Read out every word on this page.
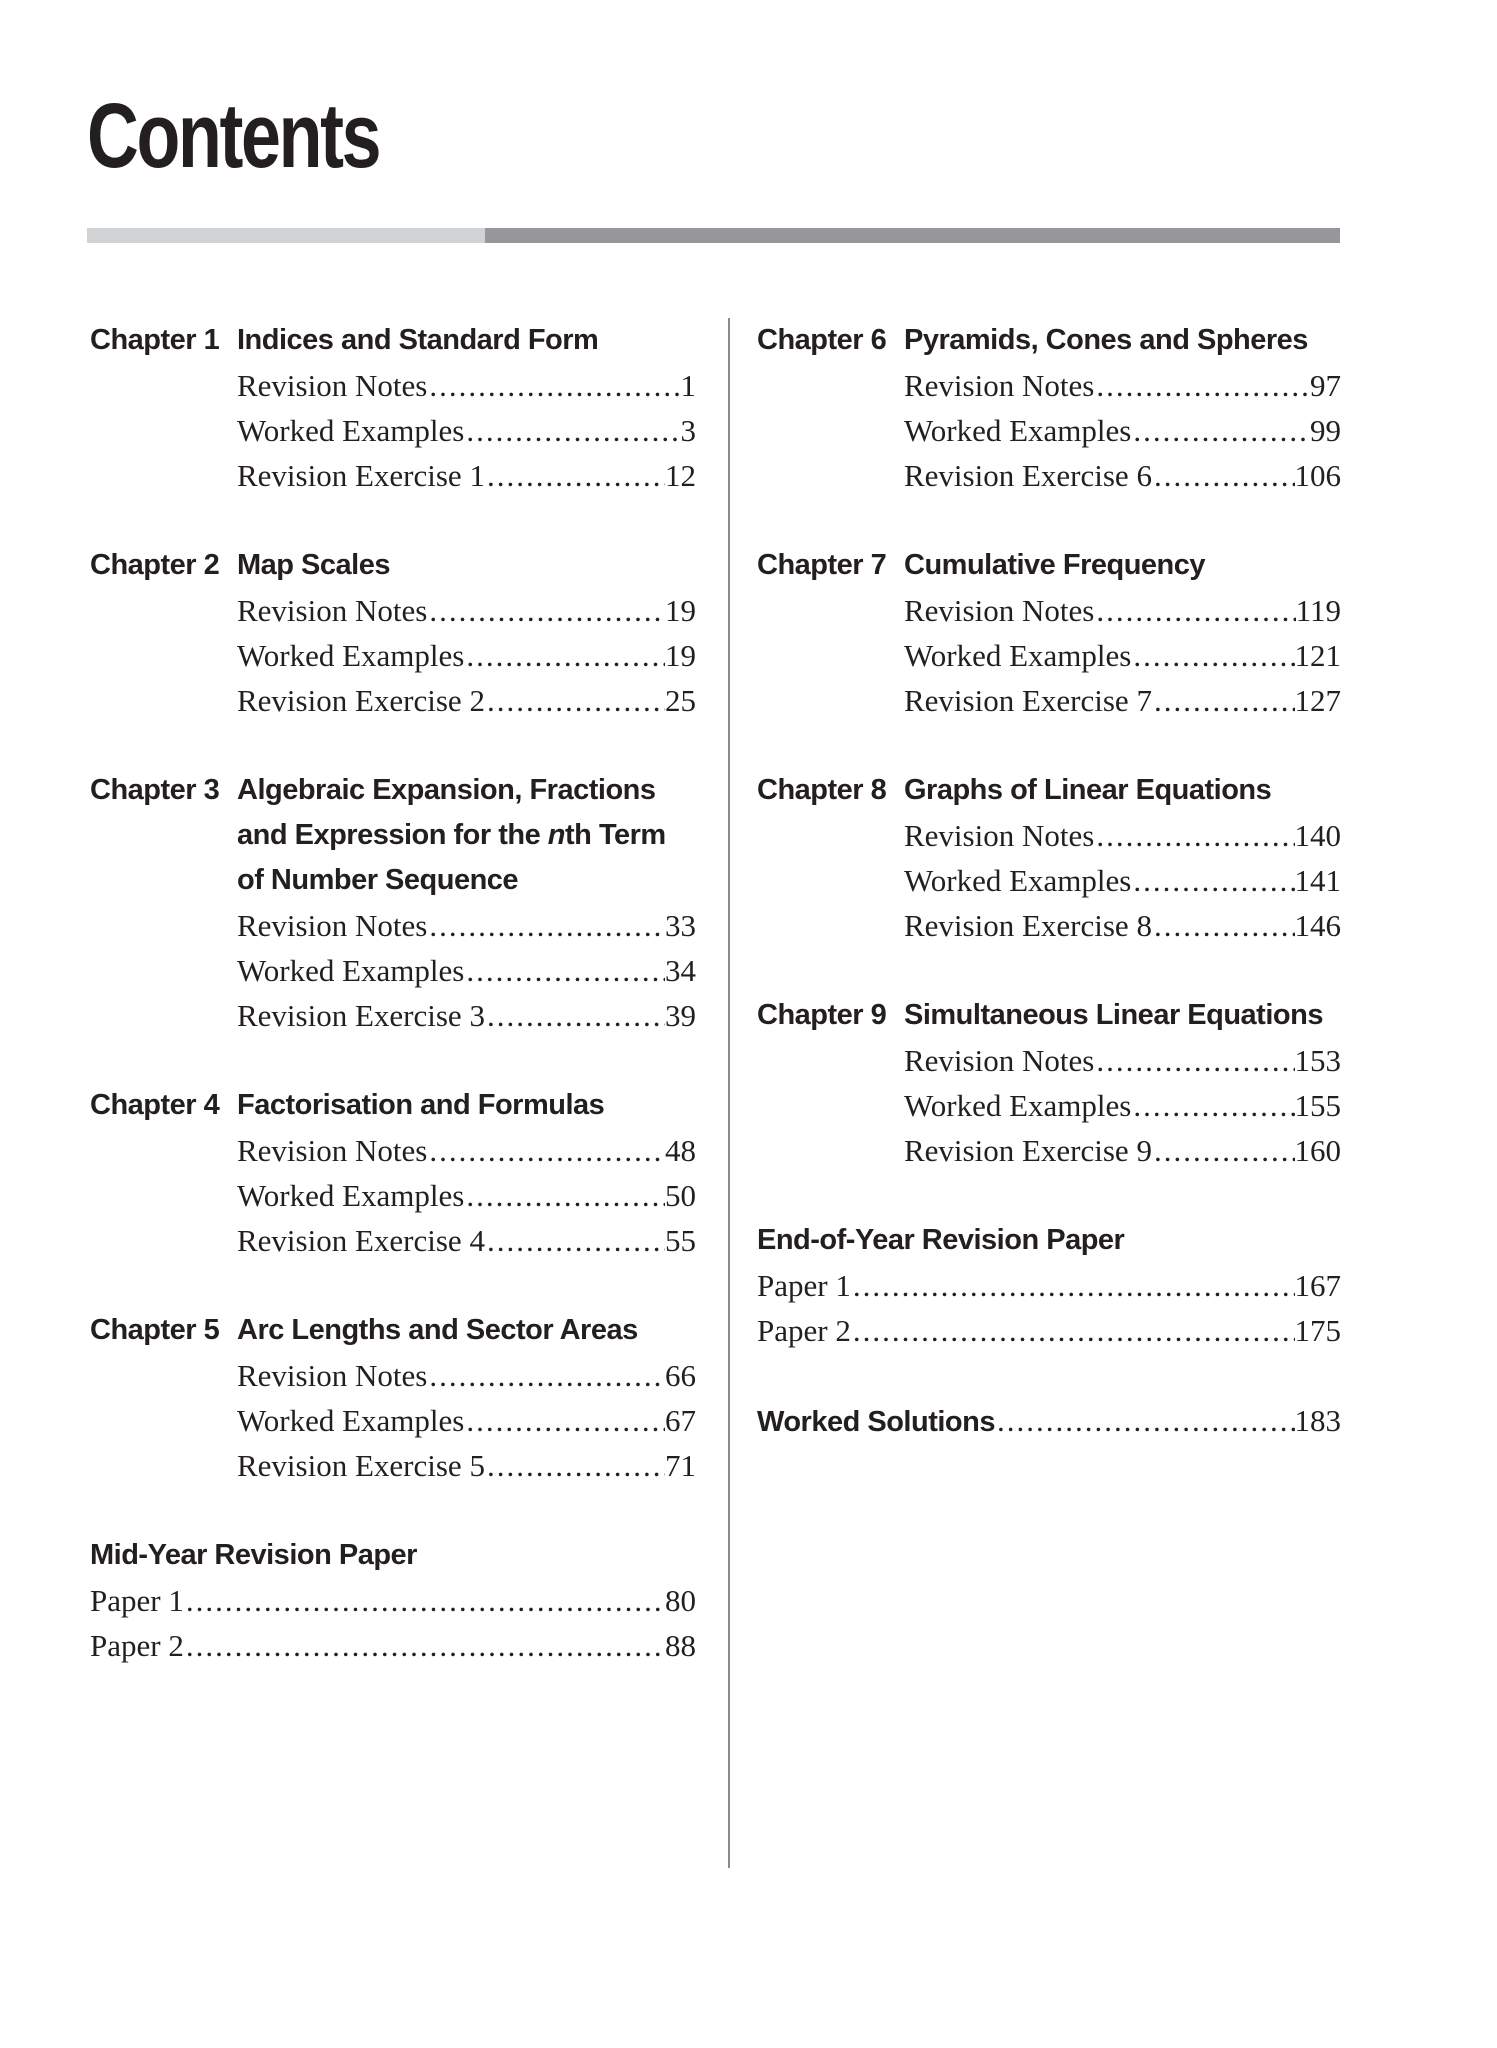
Contents
Chapter 1 Indices and Standard Form
Revision Notes .....	1
Worked Examples .....	3
Revision Exercise 1 .....	12
Chapter 2 Map Scales
Revision Notes .....	19
Worked Examples .....	19
Revision Exercise 2 .....	25
Chapter 3 Algebraic Expansion, Fractions
and Expression for the nth Term
of Number Sequence
Revision Notes .....	33
Worked Examples .....	34
Revision Exercise 3 .....	39
Chapter 4 Factorisation and Formulas
Revision Notes .....	48
Worked Examples .....	50
Revision Exercise 4 .....	55
Chapter 5 Arc Lengths and Sector Areas
Revision Notes .....	66
Worked Examples .....	67
Revision Exercise 5 .....	71
Mid-Year Revision Paper
Paper 1 .....	80
Paper 2 .....	88
Chapter 6 Pyramids, Cones and Spheres
Revision Notes .....	97
Worked Examples .....	99
Revision Exercise 6 .....	106
Chapter 7 Cumulative Frequency
Revision Notes .....	119
Worked Examples .....	121
Revision Exercise 7 .....	127
Chapter 8 Graphs of Linear Equations
Revision Notes .....	140
Worked Examples .....	141
Revision Exercise 8 .....	146
Chapter 9 Simultaneous Linear Equations
Revision Notes .....	153
Worked Examples .....	155
Revision Exercise 9 .....	160
End-of-Year Revision Paper
Paper 1 .....	167
Paper 2 .....	175
Worked Solutions .....	183
